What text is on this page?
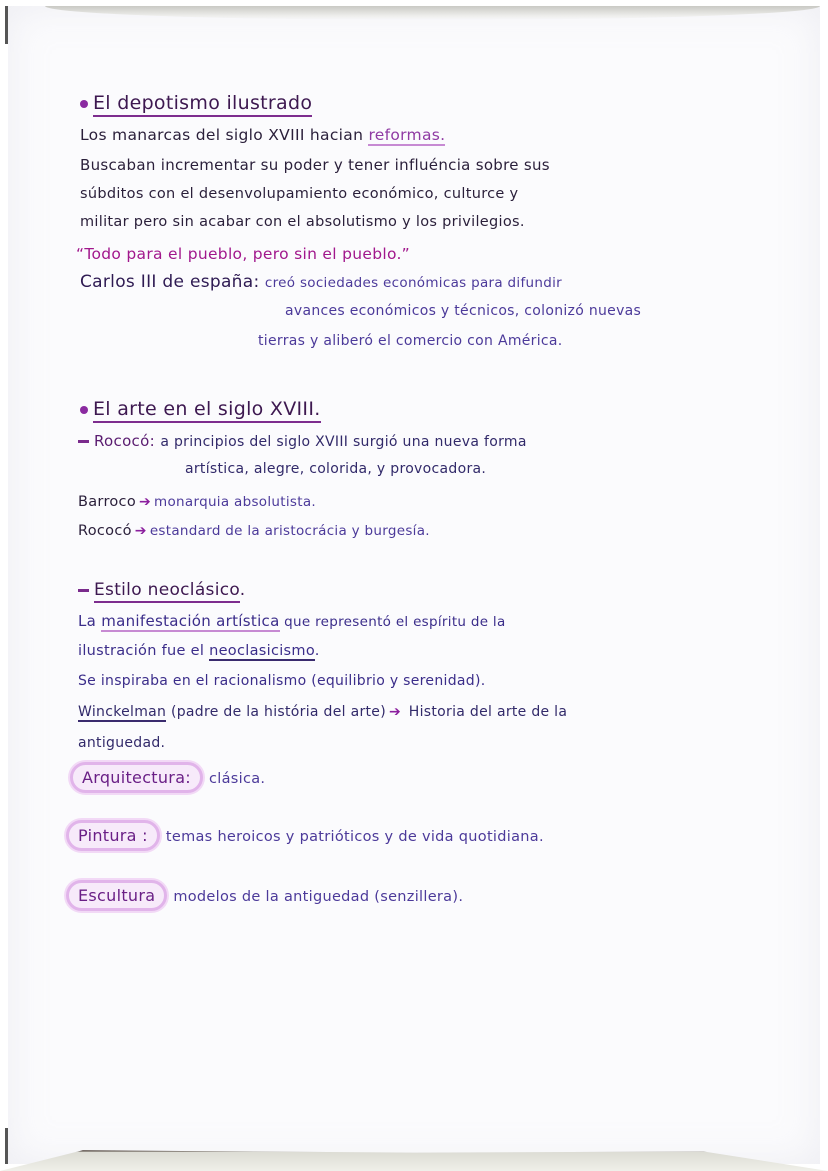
El depotismo ilustrado
Los manarcas del siglo XVIII hacian reformas.
Buscaban incrementar su poder y tener influéncia sobre sus
súbditos con el desenvolupamiento económico, culturce y
militar pero sin acabar con el absolutismo y los privilegios.
“Todo para el pueblo, pero sin el pueblo.”
Carlos III de españa: creó sociedades económicas para difundir
avances económicos y técnicos, colonizó nuevas
tierras y aliberó el comercio con América.
El arte en el siglo XVIII.
Rococó: a principios del siglo XVIII surgió una nueva forma
artística, alegre, colorida, y provocadora.
Barroco ➔ monarquia absolutista.
Rococó ➔ estandard de la aristocrácia y burgesía.
Estilo neoclásico.
La manifestación artística que representó el espíritu de la
ilustración fue el neoclasicismo.
Se inspiraba en el racionalismo (equilibrio y serenidad).
Winckelman (padre de la história del arte) ➔ Historia del arte de la
antiguedad.
Arquitectura: clásica.
Pintura : temas heroicos y patrióticos y de vida quotidiana.
Escultura modelos de la antiguedad (senzillera).
